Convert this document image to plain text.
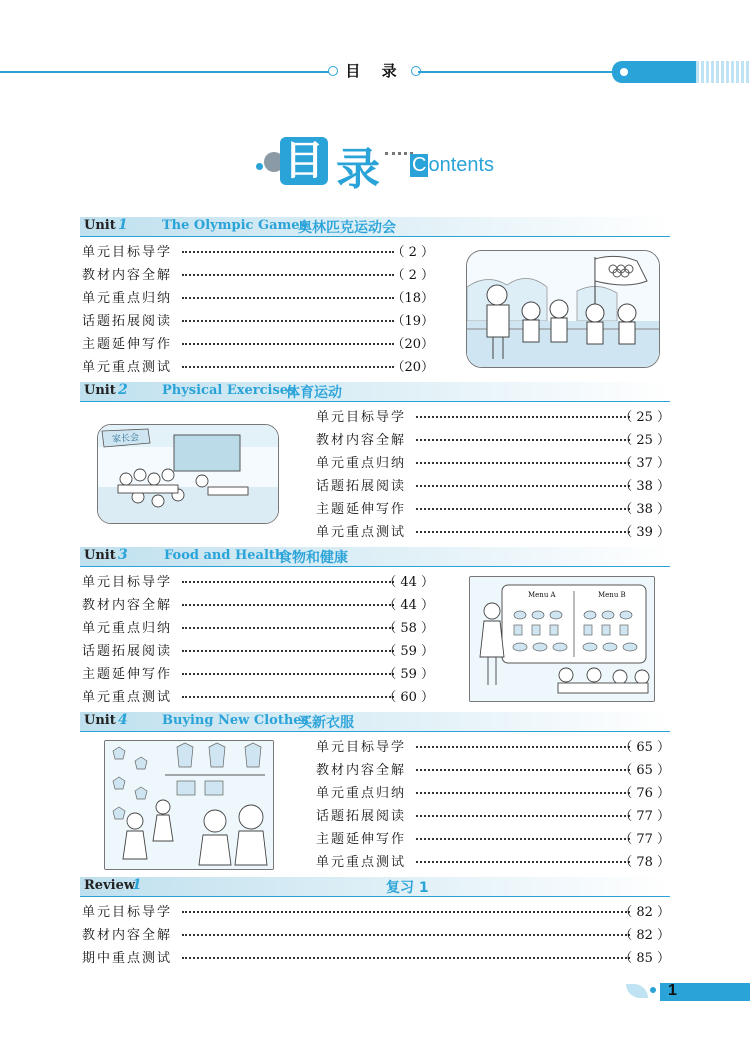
目 录
目 录 C ontents
Unit 1	The Olympic Games
奥林匹克运动会
单元目标导学	（ 2 ）
教材内容全解	（ 2 ）
单元重点归纳	（18）
话题拓展阅读	（19）
主题延伸写作	（20）
单元重点测试	（20）
Unit 2	Physical Exercises
体育运动
单元目标导学	（ 25 ）
教材内容全解	（ 25 ）
单元重点归纳	（ 37 ）
话题拓展阅读	（ 38 ）
主题延伸写作	（ 38 ）
单元重点测试	（ 39 ）
家长会
Unit 3	Food and Health
食物和健康
单元目标导学	（ 44 ）
教材内容全解	（ 44 ）
单元重点归纳	（ 58 ）
话题拓展阅读	（ 59 ）
主题延伸写作	（ 59 ）
单元重点测试	（ 60 ）
Menu A	Menu B
Unit 4	Buying New Clothes
买新衣服
单元目标导学	（ 65 ）
教材内容全解	（ 65 ）
单元重点归纳	（ 76 ）
话题拓展阅读	（ 77 ）
主题延伸写作	（ 77 ）
单元重点测试	（ 78 ）
Review
1	复习 1
单元目标导学	（ 82 ）
教材内容全解	（ 82 ）
期中重点测试	（ 85 ）
1
